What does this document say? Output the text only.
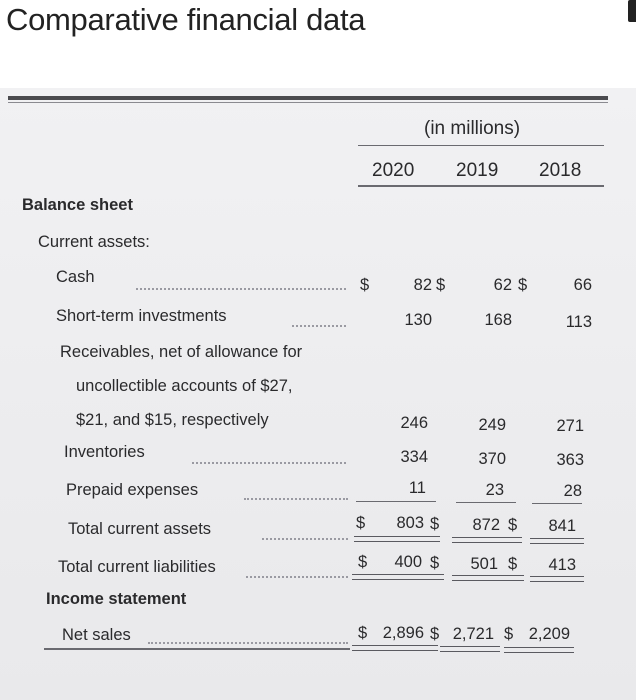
Comparative financial data
(in millions)
2020 2019 2018
Balance sheet
Current assets:
Cash	$	82 $	62 $	66
Short-term investments	130	168	113
Receivables, net of allowance for
uncollectible accounts of $27,
$21, and $15, respectively	246	249	271
Inventories	334	370	363
Prepaid expenses	11	23	28
Total current assets	$	803 $	872 $	841
Total current liabilities	$	400 $	501 $	413
Income statement
Net sales	$ 2,896 $ 2,721 $ 2,209
